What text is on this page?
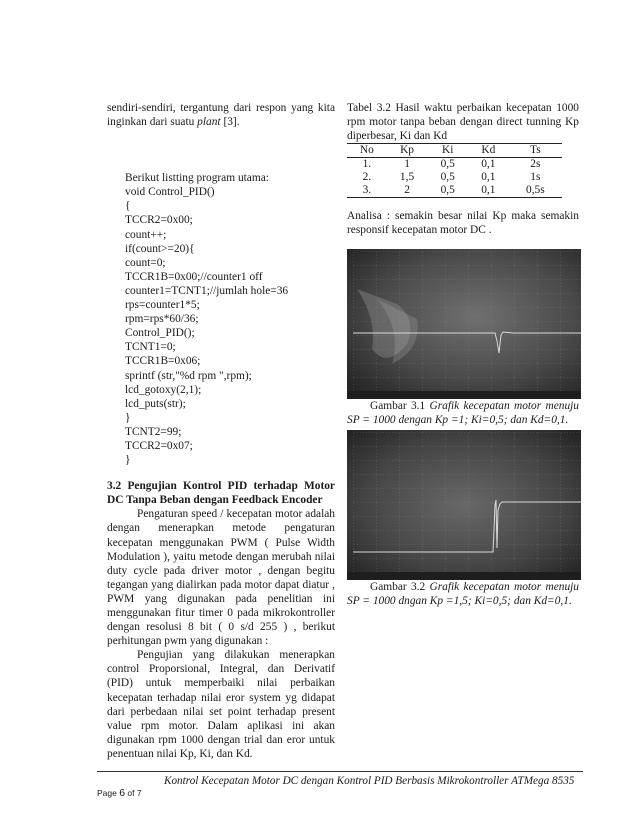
sendiri-sendiri, tergantung dari respon yang kita inginkan dari suatu plant [3].

Berikut listting program utama:
void Control_PID()
{
TCCR2=0x00;
count++;
if(count>=20){
count=0;
TCCR1B=0x00;//counter1 off
counter1=TCNT1;//jumlah hole=36
rps=counter1*5;
rpm=rps*60/36;
Control_PID();
TCNT1=0;
TCCR1B=0x06;
sprintf (str,"%d rpm ",rpm);
lcd_gotoxy(2,1);
lcd_puts(str);
}
TCNT2=99;
TCCR2=0x07;
}
3.2 Pengujian Kontrol PID terhadap Motor DC Tanpa Beban dengan Feedback Encoder

Pengaturan speed / kecepatan motor adalah dengan menerapkan metode pengaturan kecepatan menggunakan PWM ( Pulse Width Modulation ), yaitu metode dengan merubah nilai duty cycle pada driver motor , dengan begitu tegangan yang dialirkan pada motor dapat diatur , PWM yang digunakan pada penelitian ini menggunakan fitur timer 0 pada mikrokontroller dengan resolusi 8 bit ( 0 s/d 255 ) , berikut perhitungan pwm yang digunakan :

Pengujian yang dilakukan menerapkan control Proporsional, Integral, dan Derivatif (PID) untuk memperbaiki nilai perbaikan kecepatan terhadap nilai eror system yg didapat dari perbedaan nilai set point terhadap present value rpm motor. Dalam aplikasi ini akan digunakan rpm 1000 dengan trial dan eror untuk penentuan nilai Kp, Ki, dan Kd.

Tabel 3.2 Hasil waktu perbaikan kecepatan 1000 rpm motor tanpa beban dengan direct tunning Kp diperbesar, Ki dan Kd

No	Kp	Ki	Kd	Ts
1.	1	0,5	0,1	2s
2.	1,5	0,5	0,1	1s
3.	2	0,5	0,1	0,5s

Analisa : semakin besar nilai Kp maka semakin responsif kecepatan motor DC .

Gambar 3.1 Grafik kecepatan motor menuju SP = 1000 dengan Kp =1; Ki=0,5; dan Kd=0,1.

Gambar 3.2 Grafik kecepatan motor menuju SP = 1000 dngan Kp =1,5; Ki=0,5; dan Kd=0,1.

Page 6 of 7
Kontrol Kecepatan Motor DC dengan Kontrol PID Berbasis Mikrokontroller ATMega 8535
